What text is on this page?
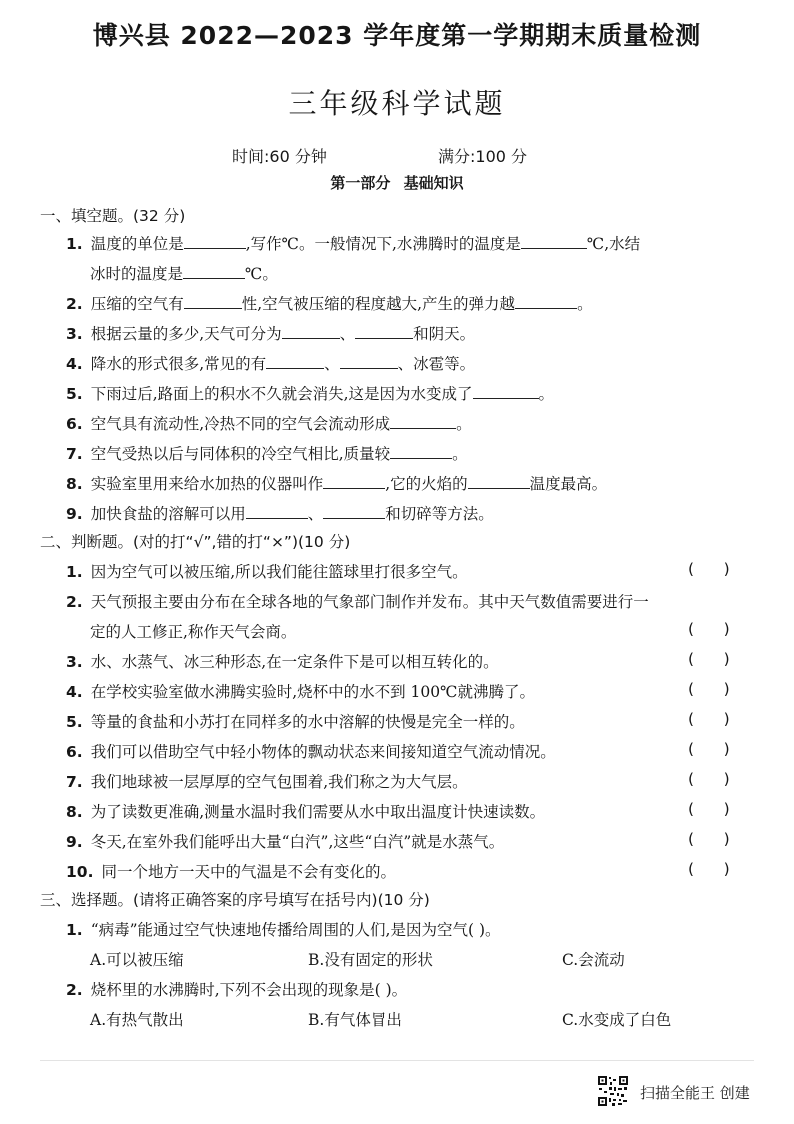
博兴县 2022—2023 学年度第一学期期末质量检测
三年级科学试题
时间:60 分钟	满分:100 分
第一部分 基础知识
一、填空题。(32 分)
1. 温度的单位是	,写作℃。一般情况下,水沸腾时的温度是	℃,水结
冰时的温度是	℃。
2. 压缩的空气有	性,空气被压缩的程度越大,产生的弹力越	。
3. 根据云量的多少,天气可分为	、	和阴天。
4. 降水的形式很多,常见的有	、	、冰雹等。
5. 下雨过后,路面上的积水不久就会消失,这是因为水变成了	。
6. 空气具有流动性,冷热不同的空气会流动形成	。
7. 空气受热以后与同体积的冷空气相比,质量较	。
8. 实验室里用来给水加热的仪器叫作	,它的火焰的	温度最高。
9. 加快食盐的溶解可以用	、	和切碎等方法。
二、判断题。(对的打“√”,错的打“×”)(10 分)
1. 因为空气可以被压缩,所以我们能往篮球里打很多空气。	(      )
2. 天气预报主要由分布在全球各地的气象部门制作并发布。其中天气数值需要进行一
定的人工修正,称作天气会商。	(      )
3. 水、水蒸气、冰三种形态,在一定条件下是可以相互转化的。	(      )
4. 在学校实验室做水沸腾实验时,烧杯中的水不到 100℃就沸腾了。	(      )
5. 等量的食盐和小苏打在同样多的水中溶解的快慢是完全一样的。	(      )
6. 我们可以借助空气中轻小物体的飘动状态来间接知道空气流动情况。	(      )
7. 我们地球被一层厚厚的空气包围着,我们称之为大气层。	(      )
8. 为了读数更准确,测量水温时我们需要从水中取出温度计快速读数。	(      )
9. 冬天,在室外我们能呼出大量“白汽”,这些“白汽”就是水蒸气。	(      )
10. 同一个地方一天中的气温是不会有变化的。	(      )
三、选择题。(请将正确答案的序号填写在括号内)(10 分)
1. “病毒”能通过空气快速地传播给周围的人们,是因为空气( )。
A.可以被压缩	B.没有固定的形状	C.会流动
2. 烧杯里的水沸腾时,下列不会出现的现象是( )。
A.有热气散出	B.有气体冒出	C.水变成了白色
扫描全能王 创建
